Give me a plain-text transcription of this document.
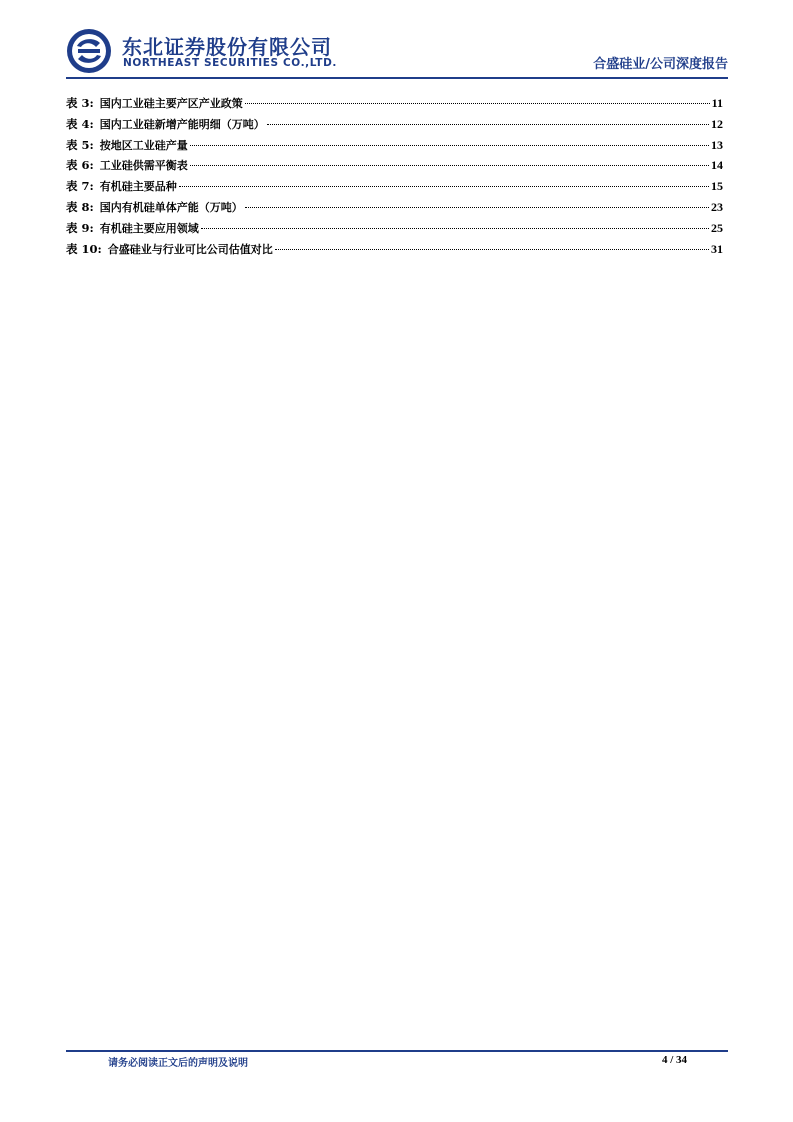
东北证券股份有限公司
NORTHEAST SECURITIES CO.,LTD.	合盛硅业/公司深度报告
表 3: 国内工业硅主要产区产业政策	11
表 4: 国内工业硅新增产能明细（万吨）	12
表 5: 按地区工业硅产量	13
表 6: 工业硅供需平衡表	14
表 7: 有机硅主要品种	15
表 8: 国内有机硅单体产能（万吨）	23
表 9: 有机硅主要应用领域	25
表 10: 合盛硅业与行业可比公司估值对比	31
请务必阅读正文后的声明及说明	4 / 34
